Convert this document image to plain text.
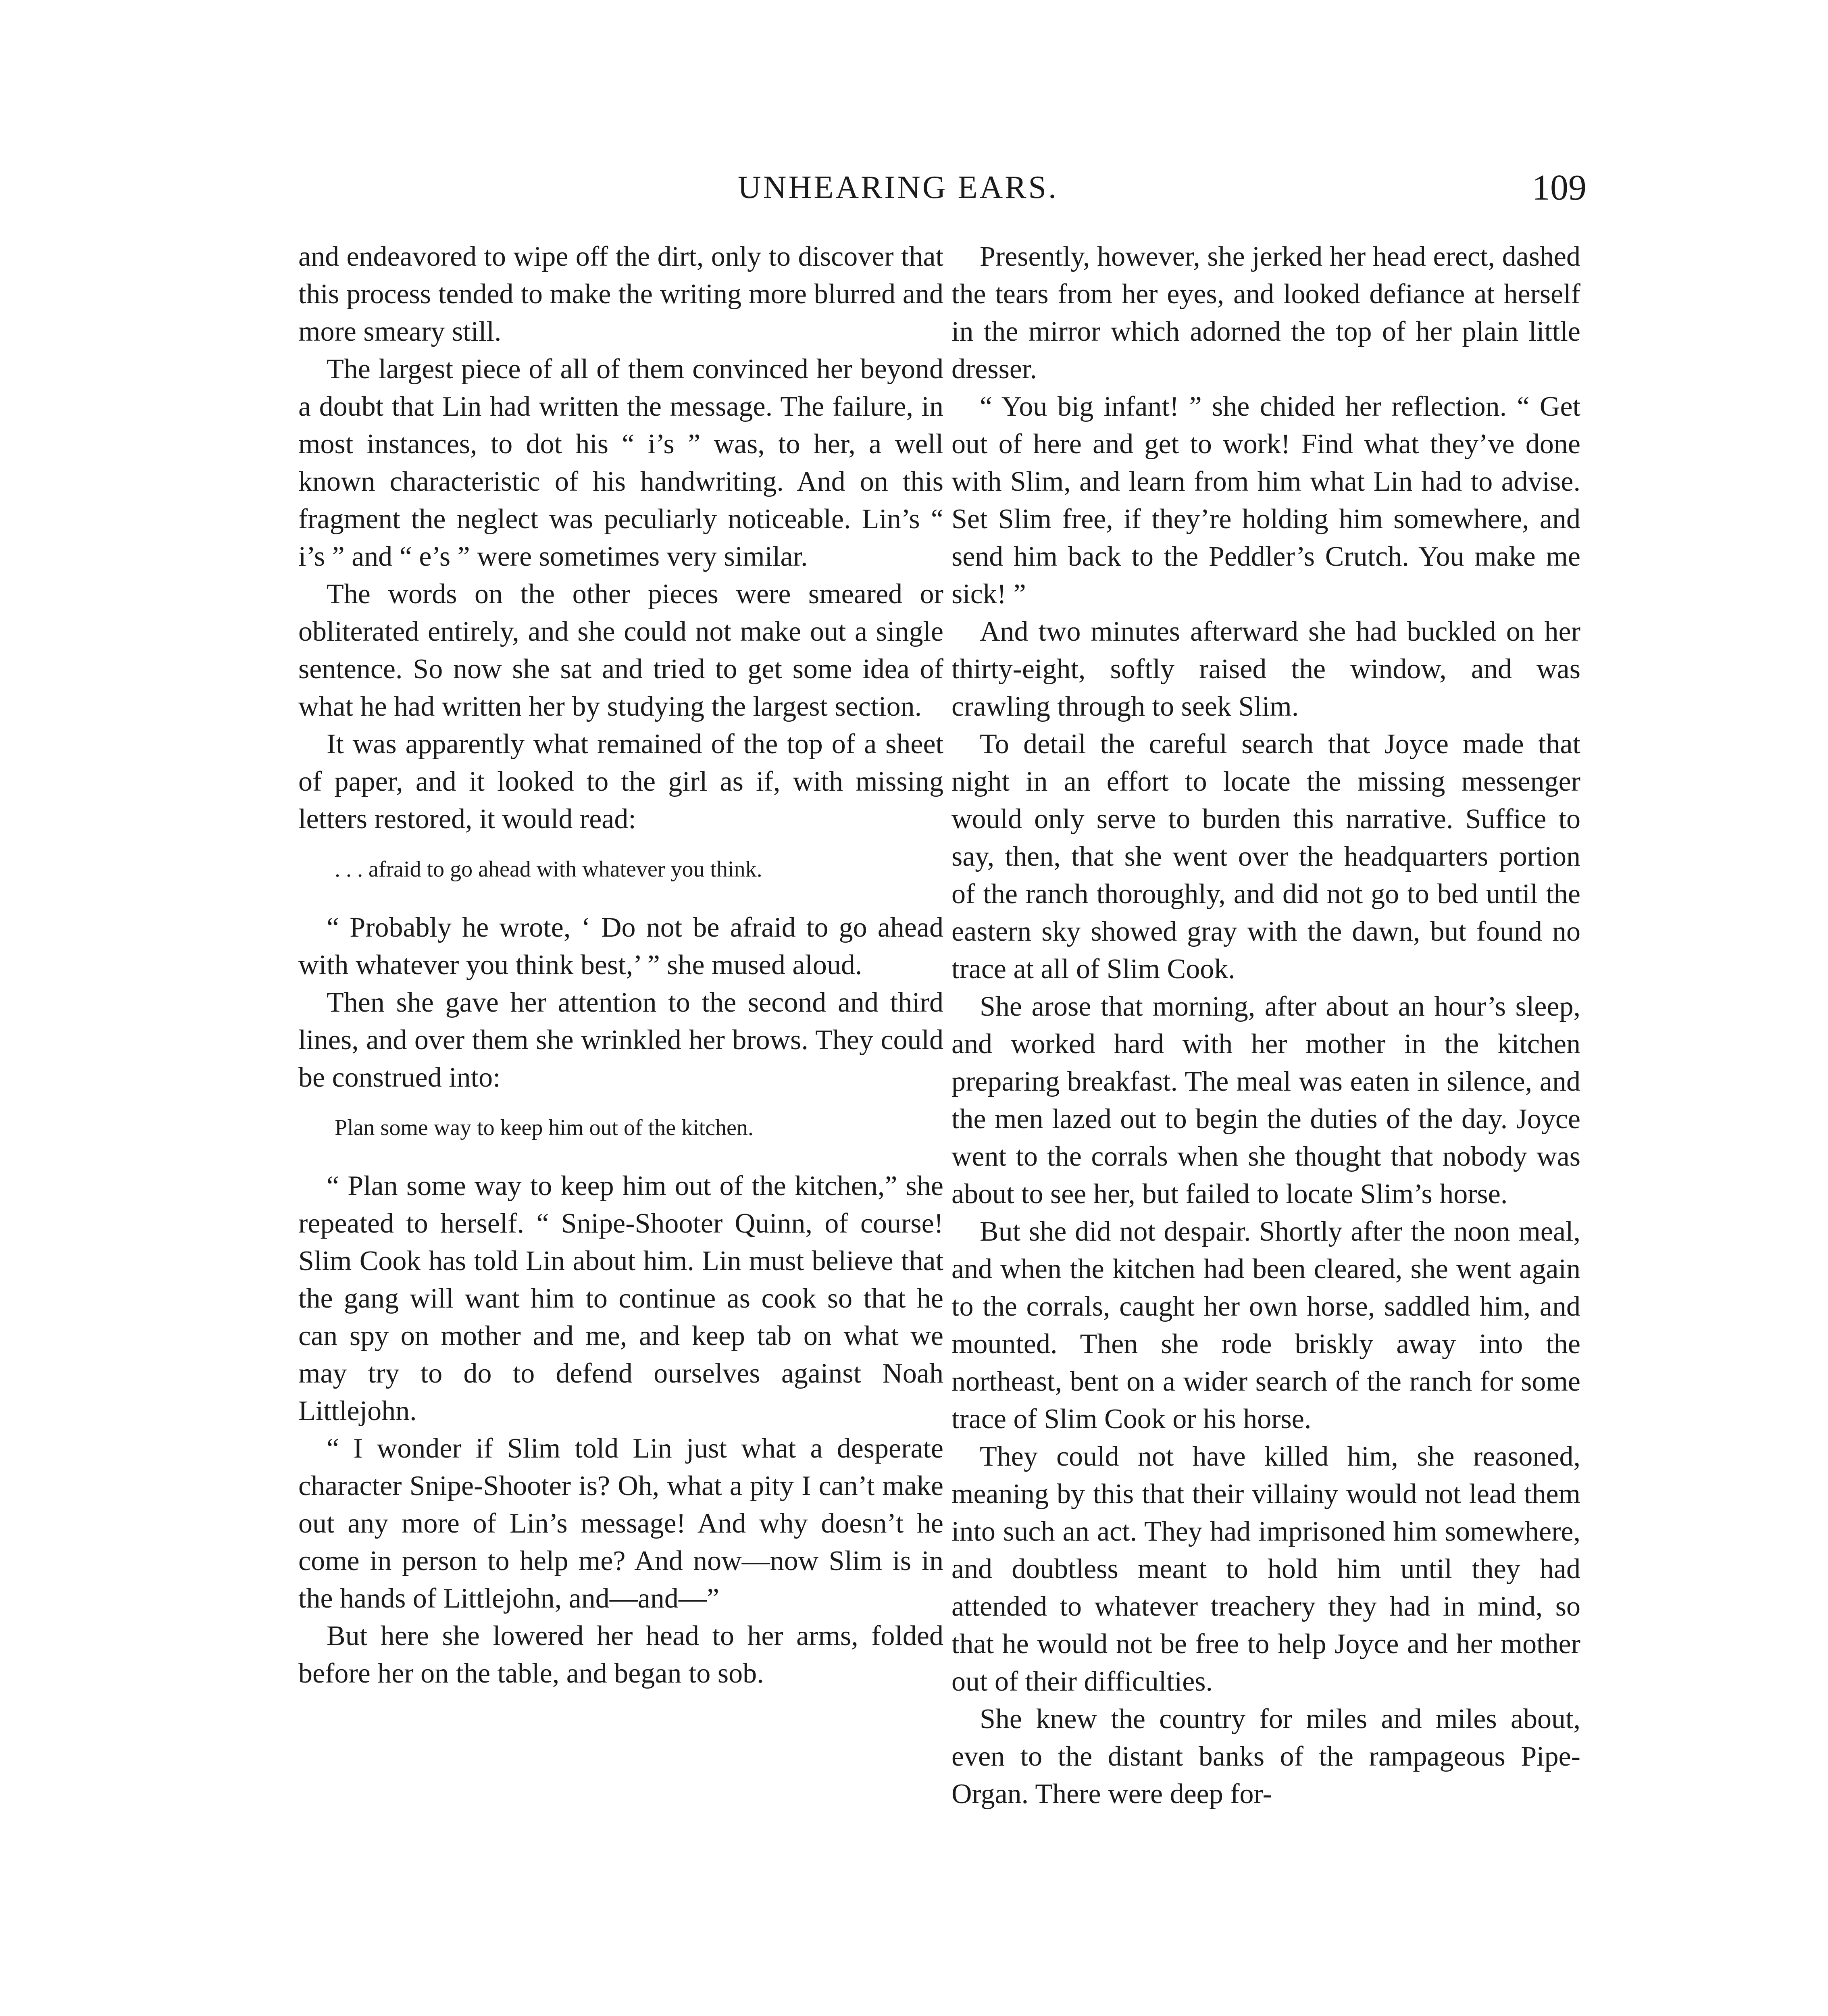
UNHEARING EARS.	109

and endeavored to wipe off the dirt, only to discover that this process tended to make the writing more blurred and more smeary still.

The largest piece of all of them convinced her beyond a doubt that Lin had written the message. The failure, in most instances, to dot his “ i’s ” was, to her, a well known characteristic of his handwriting. And on this fragment the neglect was peculiarly noticeable. Lin’s “ i’s ” and “ e’s ” were sometimes very similar.

The words on the other pieces were smeared or obliterated entirely, and she could not make out a single sentence. So now she sat and tried to get some idea of what he had written her by studying the largest section.

It was apparently what remained of the top of a sheet of paper, and it looked to the girl as if, with missing letters restored, it would read:

. . . afraid to go ahead with whatever you think.

“ Probably he wrote, ‘ Do not be afraid to go ahead with whatever you think best,’ ” she mused aloud.

Then she gave her attention to the second and third lines, and over them she wrinkled her brows. They could be construed into:

Plan some way to keep him out of the kitchen.

“ Plan some way to keep him out of the kitchen,” she repeated to herself. “ Snipe-Shooter Quinn, of course! Slim Cook has told Lin about him. Lin must believe that the gang will want him to continue as cook so that he can spy on mother and me, and keep tab on what we may try to do to defend ourselves against Noah Littlejohn.

“ I wonder if Slim told Lin just what a desperate character Snipe-Shooter is? Oh, what a pity I can’t make out any more of Lin’s message! And why doesn’t he come in person to help me? And now—now Slim is in the hands of Littlejohn, and—and—”

But here she lowered her head to her arms, folded before her on the table, and began to sob.

Presently, however, she jerked her head erect, dashed the tears from her eyes, and looked defiance at herself in the mirror which adorned the top of her plain little dresser.

“ You big infant! ” she chided her reflection. “ Get out of here and get to work! Find what they’ve done with Slim, and learn from him what Lin had to advise. Set Slim free, if they’re holding him somewhere, and send him back to the Peddler’s Crutch. You make me sick! ”

And two minutes afterward she had buckled on her thirty-eight, softly raised the window, and was crawling through to seek Slim.

To detail the careful search that Joyce made that night in an effort to locate the missing messenger would only serve to burden this narrative. Suffice to say, then, that she went over the headquarters portion of the ranch thoroughly, and did not go to bed until the eastern sky showed gray with the dawn, but found no trace at all of Slim Cook.

She arose that morning, after about an hour’s sleep, and worked hard with her mother in the kitchen preparing breakfast. The meal was eaten in silence, and the men lazed out to begin the duties of the day. Joyce went to the corrals when she thought that nobody was about to see her, but failed to locate Slim’s horse.

But she did not despair. Shortly after the noon meal, and when the kitchen had been cleared, she went again to the corrals, caught her own horse, saddled him, and mounted. Then she rode briskly away into the northeast, bent on a wider search of the ranch for some trace of Slim Cook or his horse.

They could not have killed him, she reasoned, meaning by this that their villainy would not lead them into such an act. They had imprisoned him somewhere, and doubtless meant to hold him until they had attended to whatever treachery they had in mind, so that he would not be free to help Joyce and her mother out of their difficulties.

She knew the country for miles and miles about, even to the distant banks of the rampageous Pipe-Organ. There were deep for-
